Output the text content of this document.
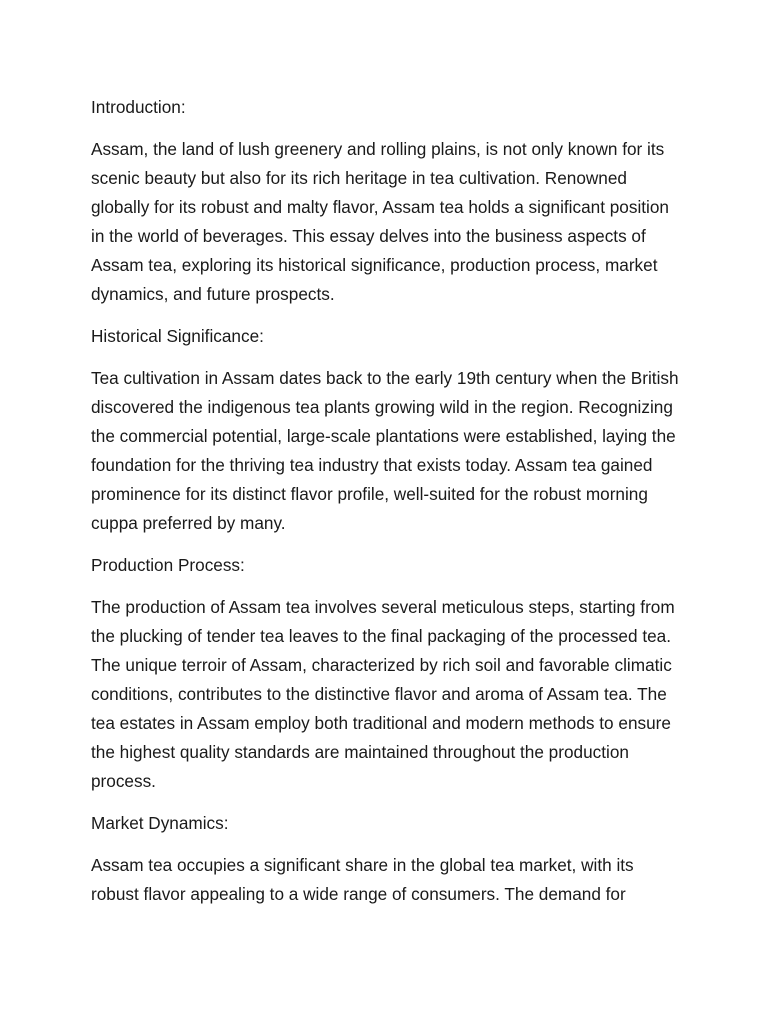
Introduction:

Assam, the land of lush greenery and rolling plains, is not only known for its scenic beauty but also for its rich heritage in tea cultivation. Renowned globally for its robust and malty flavor, Assam tea holds a significant position in the world of beverages. This essay delves into the business aspects of Assam tea, exploring its historical significance, production process, market dynamics, and future prospects.

Historical Significance:

Tea cultivation in Assam dates back to the early 19th century when the British discovered the indigenous tea plants growing wild in the region. Recognizing the commercial potential, large-scale plantations were established, laying the foundation for the thriving tea industry that exists today. Assam tea gained prominence for its distinct flavor profile, well-suited for the robust morning cuppa preferred by many.

Production Process:

The production of Assam tea involves several meticulous steps, starting from the plucking of tender tea leaves to the final packaging of the processed tea. The unique terroir of Assam, characterized by rich soil and favorable climatic conditions, contributes to the distinctive flavor and aroma of Assam tea. The tea estates in Assam employ both traditional and modern methods to ensure the highest quality standards are maintained throughout the production process.

Market Dynamics:

Assam tea occupies a significant share in the global tea market, with its robust flavor appealing to a wide range of consumers. The demand for
